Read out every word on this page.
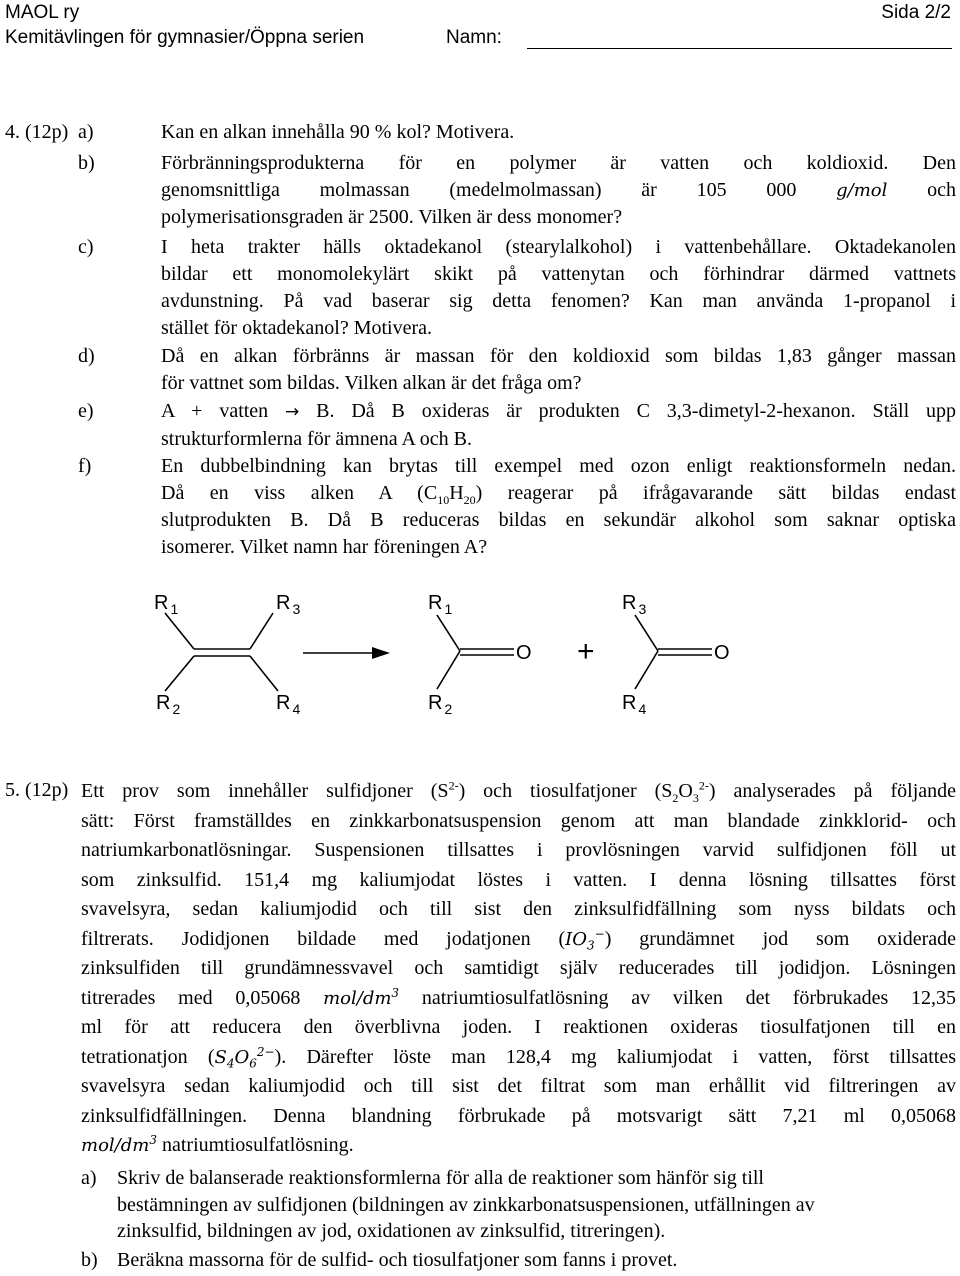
MAOL ry	Sida 2/2
Kemitävlingen för gymnasier/Öppna serien	Namn:
4. (12p) a)	Kan en alkan innehålla 90 % kol? Motivera.
b)	Förbränningsprodukterna för en polymer är vatten och koldioxid. Den
genomsnittliga molmassan (medelmolmassan) är 105 000 g/mol och
polymerisationsgraden är 2500. Vilken är dess monomer?
c)	I heta trakter hälls oktadekanol (stearylalkohol) i vattenbehållare. Oktadekanolen
bildar ett monomolekylärt skikt på vattenytan och förhindrar därmed vattnets
avdunstning. På vad baserar sig detta fenomen? Kan man använda 1-propanol i
stället för oktadekanol? Motivera.
d)	Då en alkan förbränns är massan för den koldioxid som bildas 1,83 gånger massan
för vattnet som bildas. Vilken alkan är det fråga om?
e)	A + vatten → B. Då B oxideras är produkten C 3,3-dimetyl-2-hexanon. Ställ upp
strukturformlerna för ämnena A och B.
f)	En dubbelbindning kan brytas till exempel med ozon enligt reaktionsformeln nedan.
Då en viss alken A $(C_{10}H_{20})$ reagerar på ifrågavarande sätt bildas endast
slutprodukten B. Då B reduceras bildas en sekundär alkohol som saknar optiska
isomerer. Vilket namn har föreningen A?
R $_1$	R $_3$
R $_2$	R $_4$
O
R $_1$
R $_2$
+	O
R $_3$
R $_4$
5. (12p) Ett prov som innehåller sulfidjoner $(S^{2-})$ och tiosulfatjoner $(S_2O_3^{2-})$ analyserades på följande
sätt: Först framställdes en zinkkarbonatsuspension genom att man blandade zinkklorid- och
natriumkarbonatlösningar. Suspensionen tillsattes i provlösningen varvid sulfidjonen föll ut
som zinksulfid. 151,4 mg kaliumjodat löstes i vatten. I denna lösning tillsattes först
svavelsyra, sedan kaliumjodid och till sist den zinksulfidfällning som nyss bildats och
filtrerats. Jodidjonen bildade med jodatjonen $(IO_3^-)$ grundämnet jod som oxiderade
zinksulfiden till grundämnessvavel och samtidigt själv reducerades till jodidjon. Lösningen
titrerades med 0,05068 mol/$dm^3$ natriumtiosulfatlösning av vilken det förbrukades 12,35
ml för att reducera den överblivna joden. I reaktionen oxideras tiosulfatjonen till en
tetrationatjon $(S_4O_6^{2-})$. Därefter löste man 128,4 mg kaliumjodat i vatten, först tillsattes
svavelsyra sedan kaliumjodid och till sist det filtrat som man erhållit vid filtreringen av
zinksulfidfällningen. Denna blandning förbrukade på motsvarigt sätt 7,21 ml 0,05068
mol/$dm^3$ natriumtiosulfatlösning.
a)	Skriv de balanserade reaktionsformlerna för alla de reaktioner som hänför sig till
bestämningen av sulfidjonen (bildningen av zinkkarbonatsuspensionen, utfällningen av
zinksulfid, bildningen av jod, oxidationen av zinksulfid, titreringen).
b) Beräkna massorna för de sulfid- och tiosulfatjoner som fanns i provet.
